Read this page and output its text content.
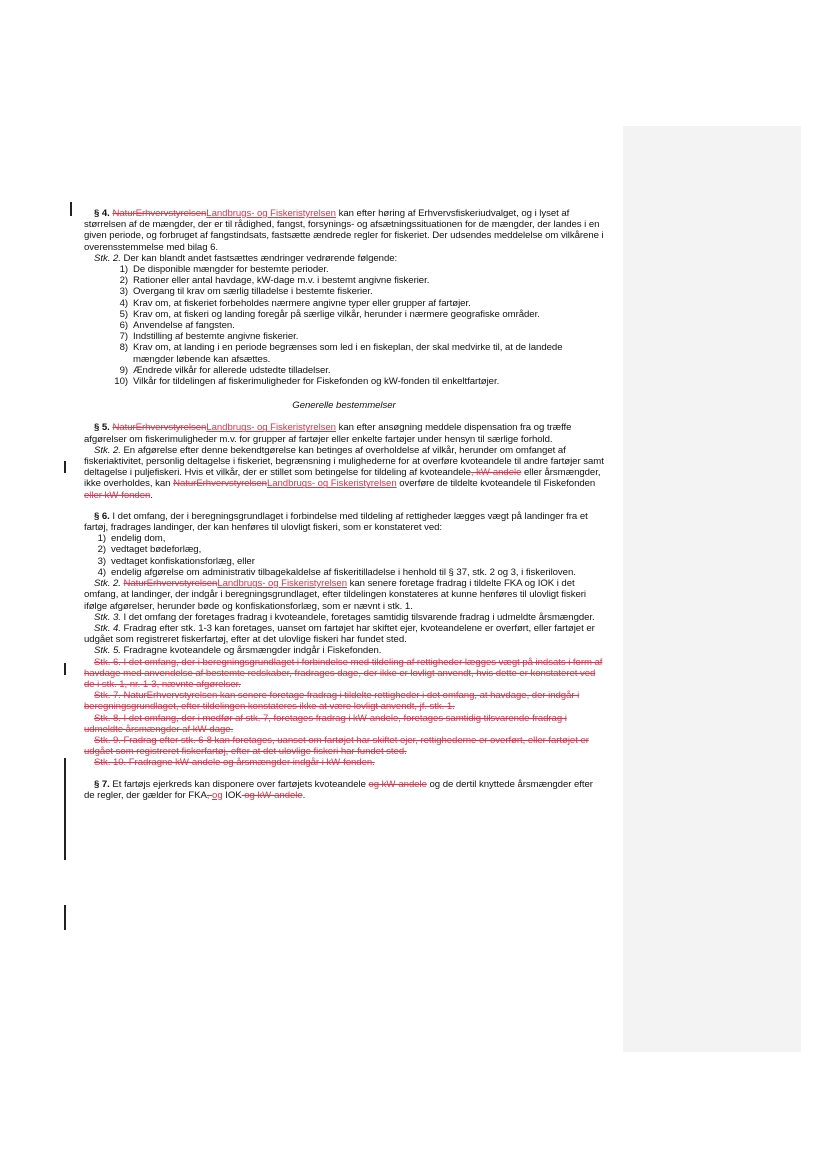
§ 4. NaturErhvervstyrelsenLandbrugs- og Fiskeristyrelsen kan efter høring af Erhvervsfiskeriudvalget, og i lyset af størrelsen af de mængder, der er til rådighed, fangst, forsynings- og afsætningssituationen for de mængder, der landes i en given periode, og forbruget af fangstindsats, fastsætte ændrede regler for fiskeriet. Der udsendes meddelelse om vilkårene i overensstemmelse med bilag 6.

Stk. 2. Der kan blandt andet fastsættes ændringer vedrørende følgende:

1) De disponible mængder for bestemte perioder.
2) Rationer eller antal havdage, kW-dage m.v. i bestemt angivne fiskerier.
3) Overgang til krav om særlig tilladelse i bestemte fiskerier.
4) Krav om, at fiskeriet forbeholdes nærmere angivne typer eller grupper af fartøjer.
5) Krav om, at fiskeri og landing foregår på særlige vilkår, herunder i nærmere geografiske områder.
6) Anvendelse af fangsten.
7) Indstilling af bestemte angivne fiskerier.
8) Krav om, at landing i en periode begrænses som led i en fiskeplan, der skal medvirke til, at de landede mængder løbende kan afsættes.
9) Ændrede vilkår for allerede udstedte tilladelser.
10) Vilkår for tildelingen af fiskerimuligheder for Fiskefonden og kW-fonden til enkeltfartøjer.

Generelle bestemmelser

§ 5. NaturErhvervstyrelsenLandbrugs- og Fiskeristyrelsen kan efter ansøgning meddele dispensation fra og træffe afgørelser om fiskerimuligheder m.v. for grupper af fartøjer eller enkelte fartøjer under hensyn til særlige forhold.

Stk. 2. En afgørelse efter denne bekendtgørelse kan betinges af overholdelse af vilkår, herunder om omfanget af fiskeriaktivitet, personlig deltagelse i fiskeriet, begrænsning i mulighederne for at overføre kvoteandele til andre fartøjer samt deltagelse i puljefiskeri. Hvis et vilkår, der er stillet som betingelse for tildeling af kvoteandele, kW-andele eller årsmængder, ikke overholdes, kan NaturErhvervstyrelsenLandbrugs- og Fiskeristyrelsen overføre de tildelte kvoteandele til Fiskefonden eller kW-fonden.

§ 6. I det omfang, der i beregningsgrundlaget i forbindelse med tildeling af rettigheder lægges vægt på landinger fra et fartøj, fradrages landinger, der kan henføres til ulovligt fiskeri, som er konstateret ved:

1) endelig dom,
2) vedtaget bødeforlæg,
3) vedtaget konfiskationsforlæg, eller
4) endelig afgørelse om administrativ tilbagekaldelse af fiskeritilladelse i henhold til § 37, stk. 2 og 3, i fiskeriloven.

Stk. 2. NaturErhvervstyrelsenLandbrugs- og Fiskeristyrelsen kan senere foretage fradrag i tildelte FKA og IOK i det omfang, at landinger, der indgår i beregningsgrundlaget, efter tildelingen konstateres at kunne henføres til ulovligt fiskeri ifølge afgørelser, herunder bøde og konfiskationsforlæg, som er nævnt i stk. 1.

Stk. 3. I det omfang der foretages fradrag i kvoteandele, foretages samtidig tilsvarende fradrag i udmeldte årsmængder.

Stk. 4. Fradrag efter stk. 1-3 kan foretages, uanset om fartøjet har skiftet ejer, kvoteandelene er overført, eller fartøjet er udgået som registreret fiskerfartøj, efter at det ulovlige fiskeri har fundet sted.

Stk. 5. Fradragne kvoteandele og årsmængder indgår i Fiskefonden.

Stk. 6. I det omfang, der i beregningsgrundlaget i forbindelse med tildeling af rettigheder lægges vægt på indsats i form af havdage med anvendelse af bestemte redskaber, fradrages dage, der ikke er lovligt anvendt, hvis dette er konstateret ved de i stk. 1, nr. 1-3, nævnte afgørelser.

Stk. 7. NaturErhvervstyrelsen kan senere foretage fradrag i tildelte rettigheder i det omfang, at havdage, der indgår i beregningsgrundlaget, efter tildelingen konstateres ikke at være lovligt anvendt, jf. stk. 1.

Stk. 8. I det omfang, der i medfør af stk. 7, foretages fradrag i kW-andele, foretages samtidig tilsvarende fradrag i udmeldte årsmængder af kW-dage.

Stk. 9. Fradrag efter stk. 6-8 kan foretages, uanset om fartøjet har skiftet ejer, rettighederne er overført, eller fartøjet er udgået som registreret fiskerfartøj, efter at det ulovlige fiskeri har fundet sted.

Stk. 10. Fradragne kW-andele og årsmængder indgår i kW-fonden.

§ 7. Et fartøjs ejerkreds kan disponere over fartøjets kvoteandele og kW-andele og de dertil knyttede årsmængder efter de regler, der gælder for FKA, og IOK og kW-andele.
